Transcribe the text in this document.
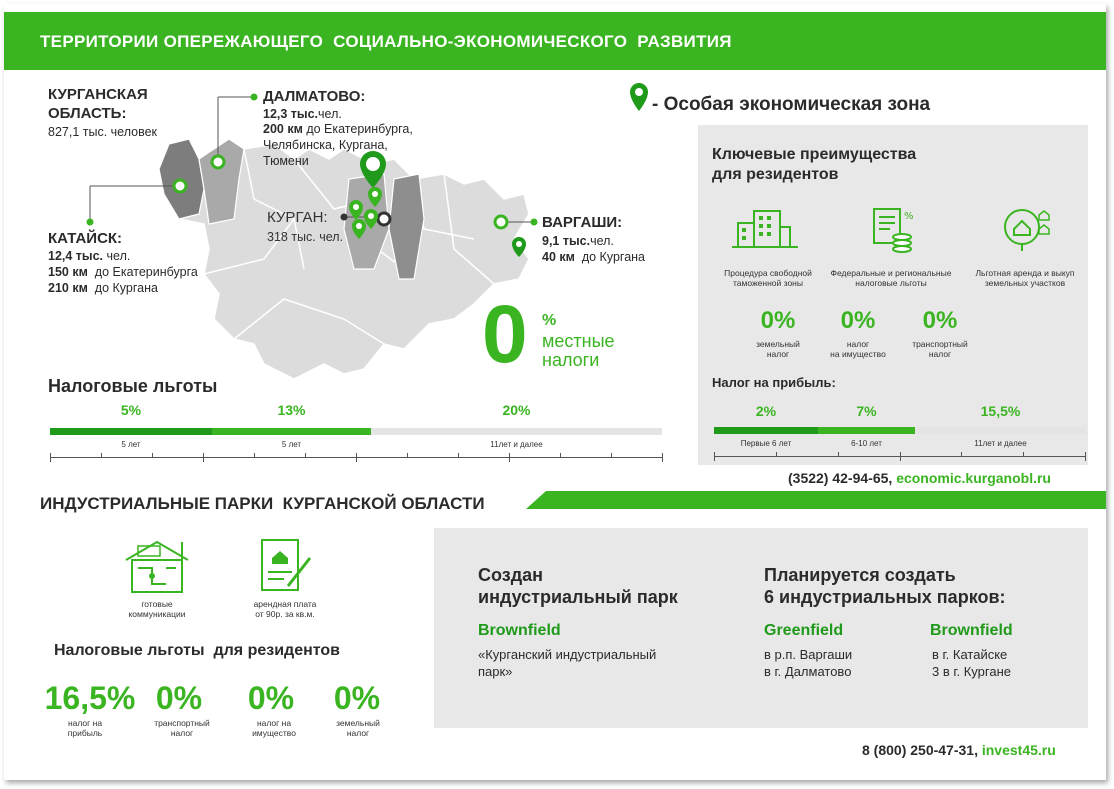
ТЕРРИТОРИИ ОПЕРЕЖАЮЩЕГО  СОЦИАЛЬНО-ЭКОНОМИЧЕСКОГО  РАЗВИТИЯ
КУРГАНСКАЯ
ОБЛАСТЬ:
827,1 тыс. человек
ДАЛМАТОВО:
12,3 тыс.чел.
200 км до Екатеринбурга,
Челябинска, Кургана,
Тюмени
КАТАЙСК:
12,4 тыс. чел.
150 км до Екатеринбурга
210 км до Кургана
КУРГАН:
318 тыс. чел.
ВАРГАШИ:
9,1 тыс.чел.
40 км до Кургана
0 %
местные
налоги
- Особая экономическая зона
Налоговые льготы
5%
5 лет
13%
5 лет
20%
11лет и далее
Ключевые преимущества
для резидентов
%
Процедура свободной
таможенной зоны
Федеральные и региональные
налоговые льготы
Льготная аренда и выкуп
земельных участков
0%	0%	0%
земельный
налог
налог
на имущество
транспортный
налог
Налог на прибыль:
2%
Первые 6 лет
7%
6-10 лет
15,5%
11лет и далее
(3522) 42-94-65, economic.kurganobl.ru
ИНДУСТРИАЛЬНЫЕ ПАРКИ  КУРГАНСКОЙ ОБЛАСТИ
готовые
коммуникации
арендная плата
от 90р. за кв.м.
Налоговые льготы  для резидентов
16,5% 0%	0%	0%
налог на
прибыль
транспортный
налог
налог на
имущество
земельный
налог
Создан
индустриальный парк
Brownfield
«Курганский индустриальный
парк»
Планируется создать
6 индустриальных парков:
Greenfield
в р.п. Варгаши
в г. Далматово
Brownfield
в г. Катайске
3 в г. Кургане
8 (800) 250-47-31, invest45.ru
